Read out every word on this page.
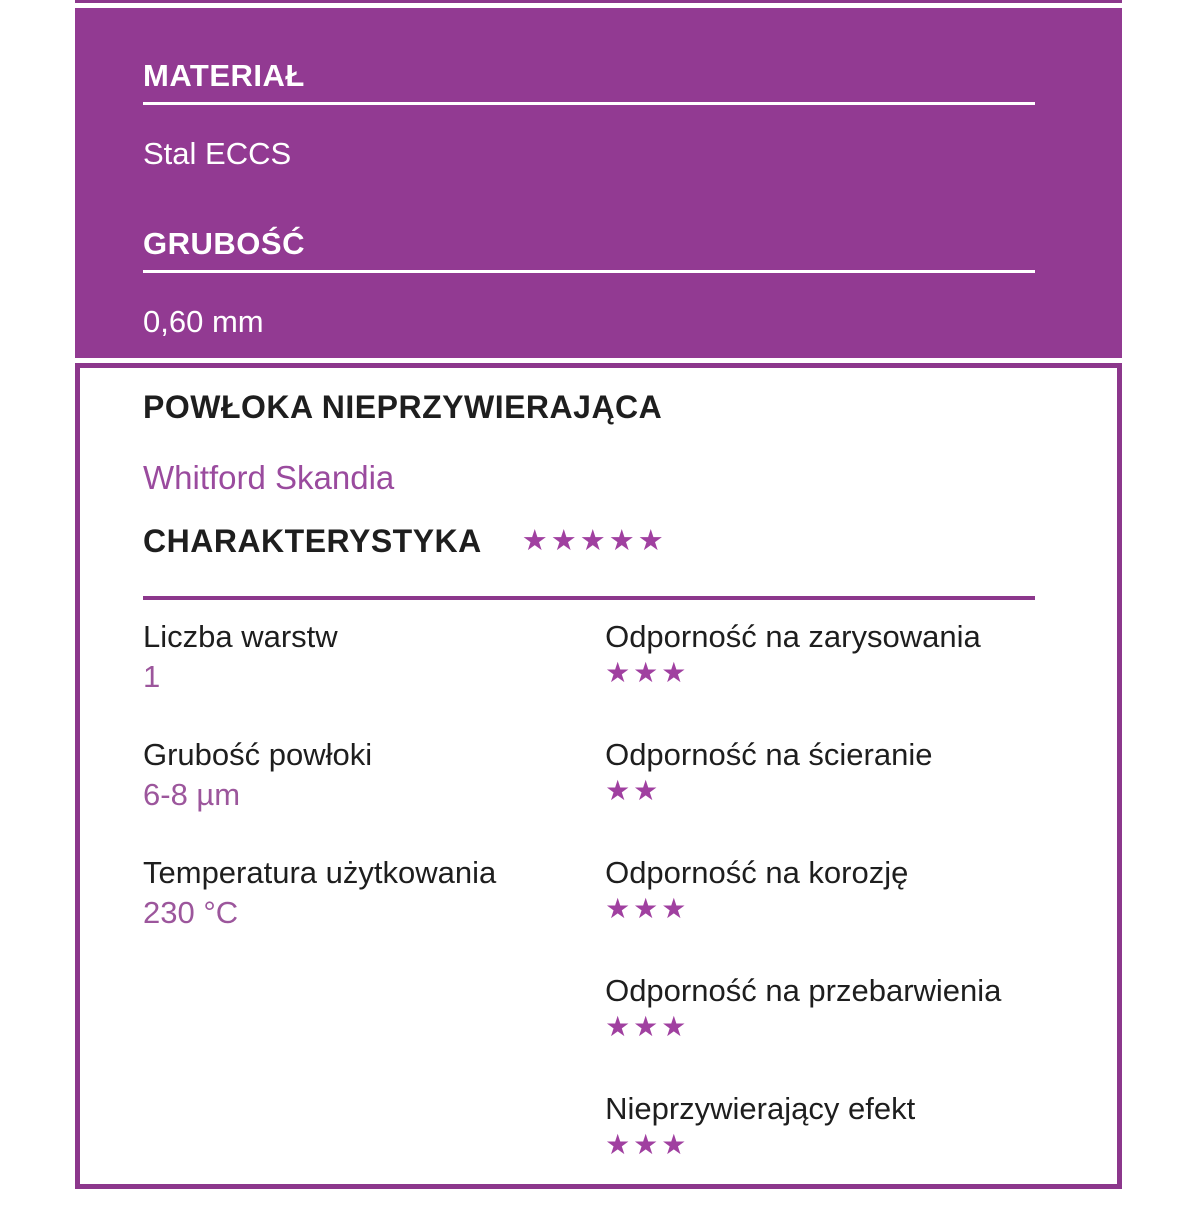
MATERIAŁ
Stal ECCS
GRUBOŚĆ
0,60 mm
POWŁOKA NIEPRZYWIERAJĄCA
Whitford Skandia
CHARAKTERYSTYKA ★★★★★
Liczba warstw
1
Grubość powłoki
6-8 µm
Temperatura użytkowania
230 °C
Odporność na zarysowania
★★★
Odporność na ścieranie
★★
Odporność na korozję
★★★
Odporność na przebarwienia
★★★
Nieprzywierający efekt
★★★
